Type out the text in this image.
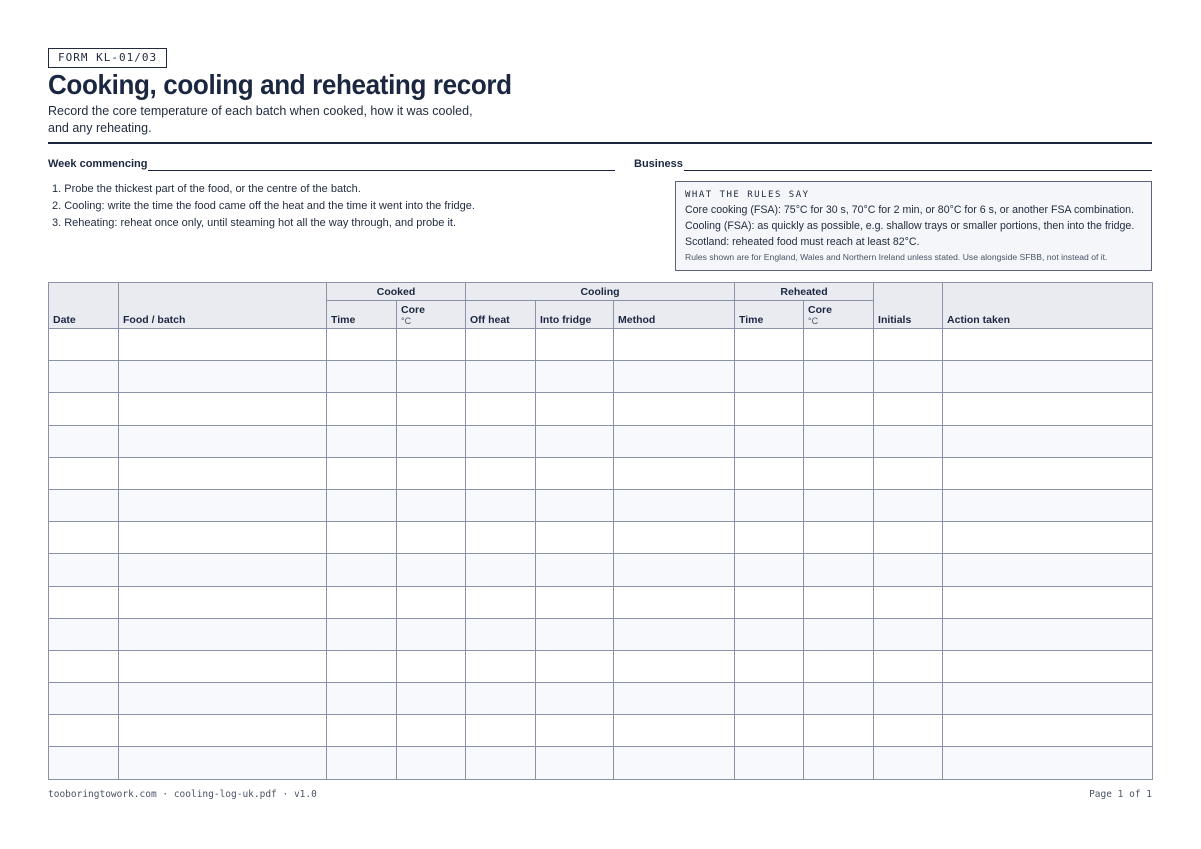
FORM KL-01/03
Cooking, cooling and reheating record
Record the core temperature of each batch when cooked, how it was cooled, and any reheating.
Week commencing	Business
1. Probe the thickest part of the food, or the centre of the batch.
2. Cooling: write the time the food came off the heat and the time it went into the fridge.
3. Reheating: reheat once only, until steaming hot all the way through, and probe it.
WHAT THE RULES SAY
Core cooking (FSA): 75°C for 30 s, 70°C for 2 min, or 80°C for 6 s, or another FSA combination.
Cooling (FSA): as quickly as possible, e.g. shallow trays or smaller portions, then into the fridge.
Scotland: reheated food must reach at least 82°C.
Rules shown are for England, Wales and Northern Ireland unless stated. Use alongside SFBB, not instead of it.
Date	Food / batch	Cooked		Cooling			Reheated		Initials	Action taken

		Time	Core
°C	Off heat	Into fridge	Method	Time	Core
°C		

tooboringtowork.com · cooling-log-uk.pdf · v1.0	Page 1 of 1
